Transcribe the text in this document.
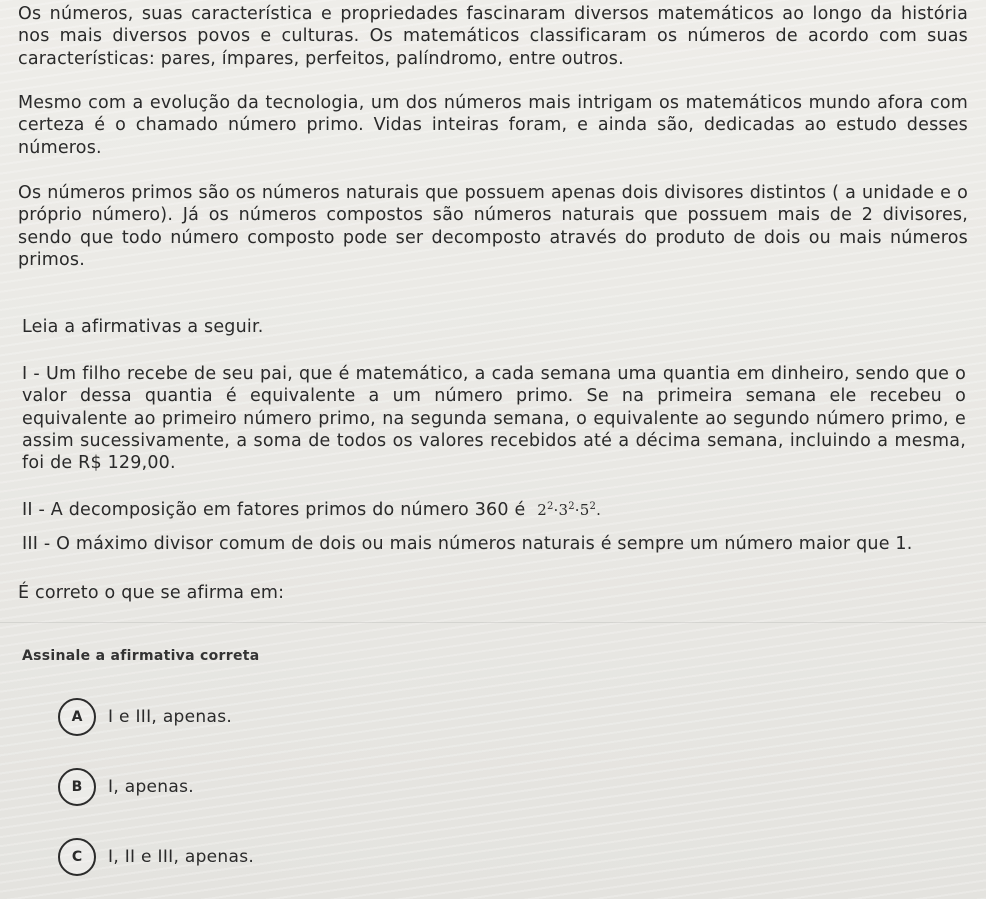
Os números, suas característica e propriedades fascinaram diversos matemáticos ao longo da história nos mais diversos povos e culturas. Os matemáticos classificaram os números de acordo com suas características: pares, ímpares, perfeitos, palíndromo, entre outros.

Mesmo com a evolução da tecnologia, um dos números mais intrigam os matemáticos mundo afora com certeza é o chamado número primo. Vidas inteiras foram, e ainda são, dedicadas ao estudo desses números.

Os números primos são os números naturais que possuem apenas dois divisores distintos ( a unidade e o próprio número). Já os números compostos são números naturais que possuem mais de 2 divisores, sendo que todo número composto pode ser decomposto através do produto de dois ou mais números primos.

Leia a afirmativas a seguir.

I - Um filho recebe de seu pai, que é matemático, a cada semana uma quantia em dinheiro, sendo que o valor dessa quantia é equivalente a um número primo. Se na primeira semana ele recebeu o equivalente ao primeiro número primo, na segunda semana, o equivalente ao segundo número primo, e assim sucessivamente, a soma de todos os valores recebidos até a décima semana, incluindo a mesma, foi de R$ 129,00.

II - A decomposição em fatores primos do número 360 é $2^2\cdot 3^2\cdot 5^2$.

III - O máximo divisor comum de dois ou mais números naturais é sempre um número maior que 1.

É correto o que se afirma em:

Assinale a afirmativa correta
A	I e III, apenas.
B	I, apenas.
C	I, II e III, apenas.
